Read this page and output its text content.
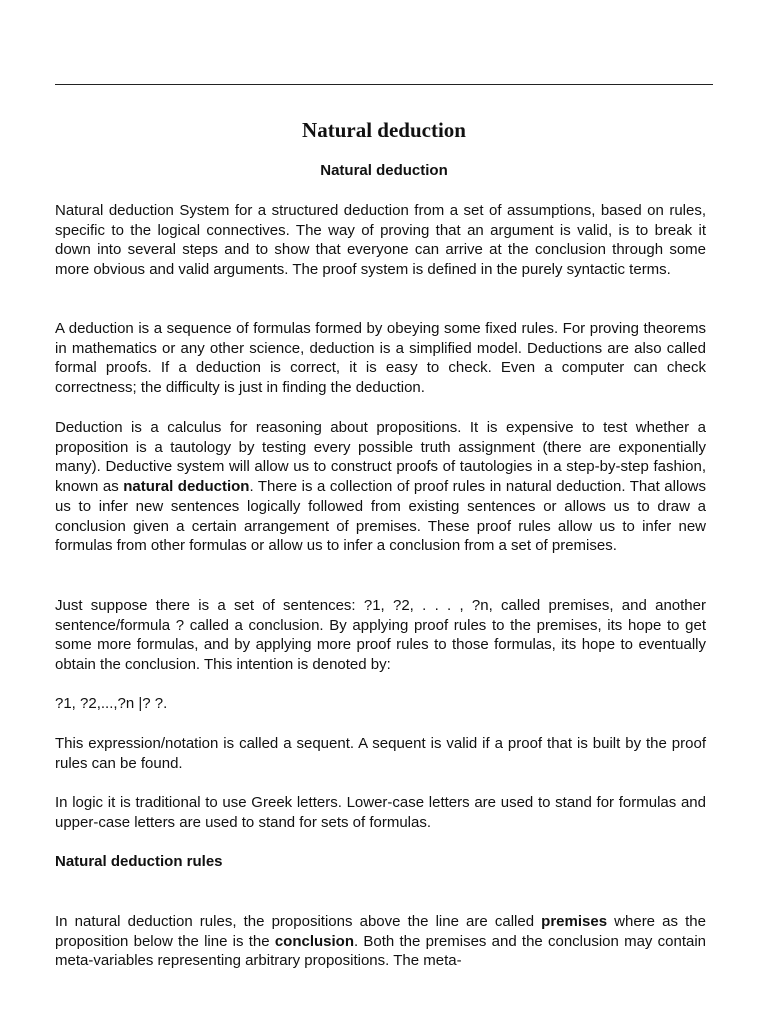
Natural deduction
Natural deduction

Natural deduction System for a structured deduction from a set of assumptions, based on rules, specific to the logical connectives. The way of proving that an argument is valid, is to break it down into several steps and to show that everyone can arrive at the conclusion through some more obvious and valid arguments. The proof system is defined in the purely syntactic terms.

A deduction is a sequence of formulas formed by obeying some fixed rules. For proving theorems in mathematics or any other science, deduction is a simplified model. Deductions are also called formal proofs. If a deduction is correct, it is easy to check. Even a computer can check correctness; the difficulty is just in finding the deduction.

Deduction is a calculus for reasoning about propositions. It is expensive to test whether a proposition is a tautology by testing every possible truth assignment (there are exponentially many). Deductive system will allow us to construct proofs of tautologies in a step-by-step fashion, known as natural deduction. There is a collection of proof rules in natural deduction. That allows us to infer new sentences logically followed from existing sentences or allows us to draw a conclusion given a certain arrangement of premises. These proof rules allow us to infer new formulas from other formulas or allow us to infer a conclusion from a set of premises.

Just suppose there is a set of sentences: ?1, ?2, . . . , ?n, called premises, and another sentence/formula ? called a conclusion. By applying proof rules to the premises, its hope to get some more formulas, and by applying more proof rules to those formulas, its hope to eventually obtain the conclusion. This intention is denoted by:

?1, ?2,...,?n |? ?.

This expression/notation is called a sequent. A sequent is valid if a proof that is built by the proof rules can be found.

In logic it is traditional to use Greek letters. Lower-case letters are used to stand for formulas and upper-case letters are used to stand for sets of formulas.

Natural deduction rules

In natural deduction rules, the propositions above the line are called premises where as the proposition below the line is the conclusion. Both the premises and the conclusion may contain meta-variables representing arbitrary propositions. The meta-
